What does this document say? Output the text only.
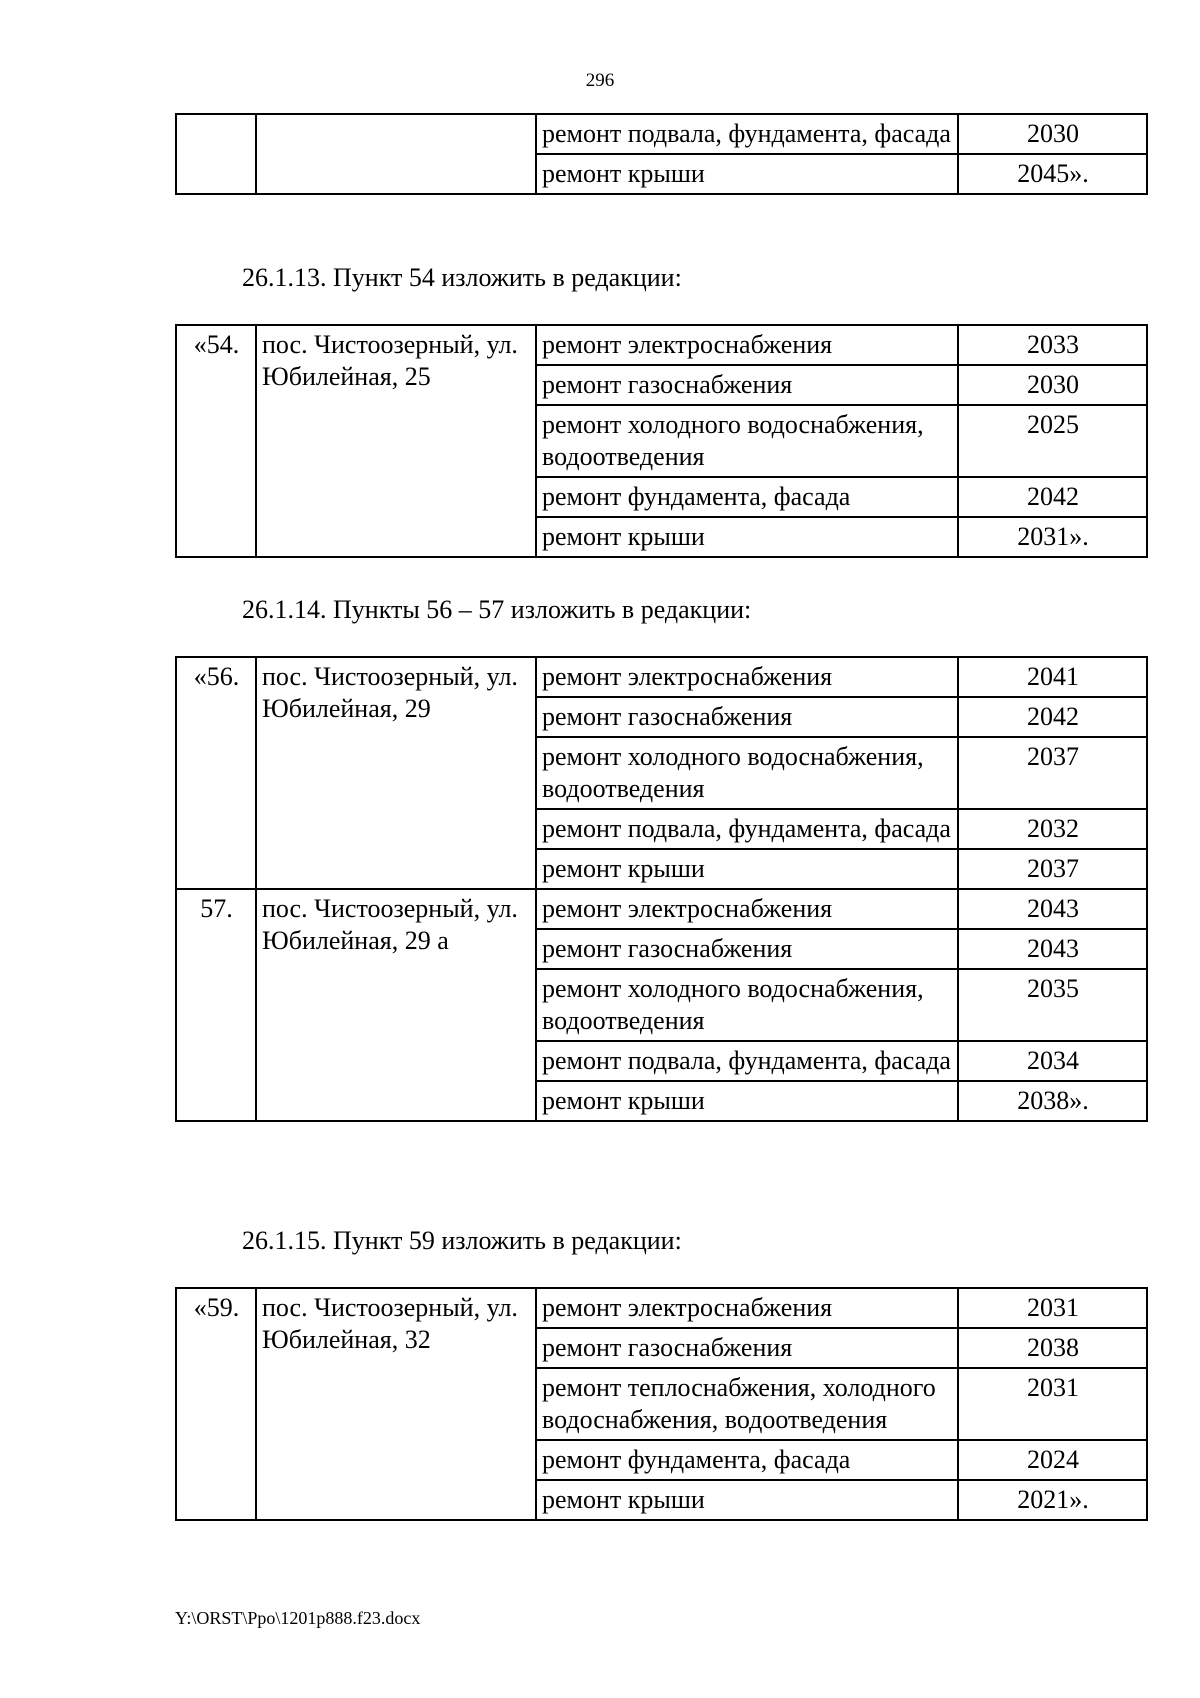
296
		ремонт подвала, фундамента, фасада	2030
		ремонт крыши	2045».
26.1.13. Пункт 54 изложить в редакции:
«54.	пос. Чистоозерный, ул. Юбилейная, 25	ремонт электроснабжения	2033
		ремонт газоснабжения	2030
		ремонт холодного водоснабжения, водоотведения	2025
		ремонт фундамента, фасада	2042
		ремонт крыши	2031».
26.1.14. Пункты 56 – 57 изложить в редакции:
«56.	пос. Чистоозерный, ул. Юбилейная, 29	ремонт электроснабжения	2041
		ремонт газоснабжения	2042
		ремонт холодного водоснабжения, водоотведения	2037
		ремонт подвала, фундамента, фасада	2032
		ремонт крыши	2037
57.	пос. Чистоозерный, ул. Юбилейная, 29 а	ремонт электроснабжения	2043
		ремонт газоснабжения	2043
		ремонт холодного водоснабжения, водоотведения	2035
		ремонт подвала, фундамента, фасада	2034
		ремонт крыши	2038».
26.1.15. Пункт 59 изложить в редакции:
«59.	пос. Чистоозерный, ул. Юбилейная, 32	ремонт электроснабжения	2031
		ремонт газоснабжения	2038
		ремонт теплоснабжения, холодного водоснабжения, водоотведения	2031
		ремонт фундамента, фасада	2024
		ремонт крыши	2021».
Y:\ORST\Ppo\1201p888.f23.docx
